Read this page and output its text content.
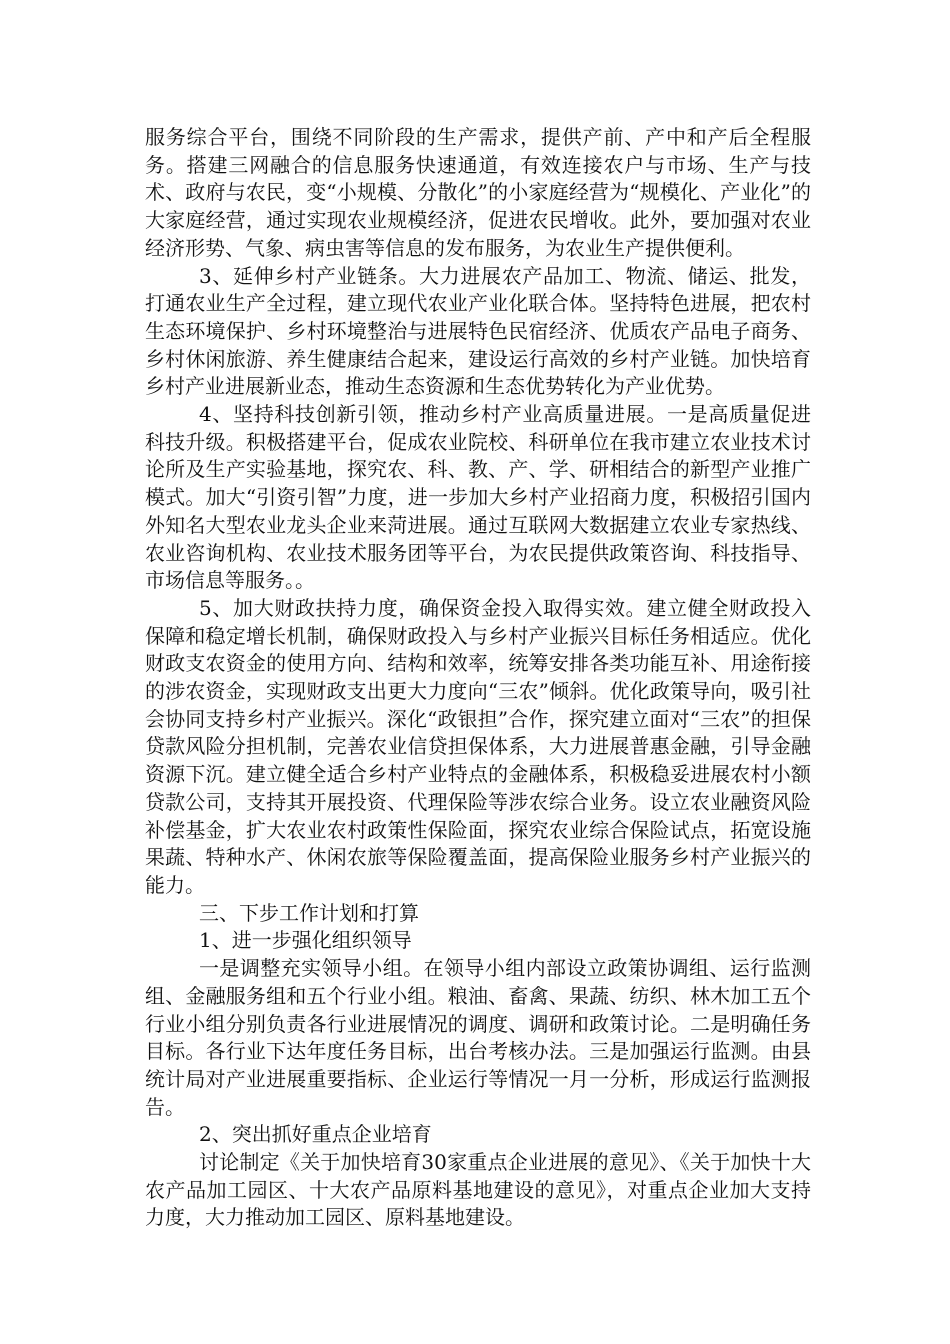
服务综合平台，围绕不同阶段的生产需求，提供产前、产中和产后全程服务。搭建三网融合的信息服务快速通道，有效连接农户与市场、生产与技术、政府与农民，变“小规模、分散化”的小家庭经营为“规模化、产业化”的大家庭经营，通过实现农业规模经济，促进农民增收。此外，要加强对农业经济形势、气象、病虫害等信息的发布服务，为农业生产提供便利。

3、延伸乡村产业链条。大力进展农产品加工、物流、储运、批发，打通农业生产全过程，建立现代农业产业化联合体。坚持特色进展，把农村生态环境保护、乡村环境整治与进展特色民宿经济、优质农产品电子商务、乡村休闲旅游、养生健康结合起来，建设运行高效的乡村产业链。加快培育乡村产业进展新业态，推动生态资源和生态优势转化为产业优势。

4、坚持科技创新引领，推动乡村产业高质量进展。一是高质量促进科技升级。积极搭建平台，促成农业院校、科研单位在我市建立农业技术讨论所及生产实验基地，探究农、科、教、产、学、研相结合的新型产业推广模式。加大“引资引智”力度，进一步加大乡村产业招商力度，积极招引国内外知名大型农业龙头企业来菏进展。通过互联网大数据建立农业专家热线、农业咨询机构、农业技术服务团等平台，为农民提供政策咨询、科技指导、市场信息等服务。。

5、加大财政扶持力度，确保资金投入取得实效。建立健全财政投入保障和稳定增长机制，确保财政投入与乡村产业振兴目标任务相适应。优化财政支农资金的使用方向、结构和效率，统筹安排各类功能互补、用途衔接的涉农资金，实现财政支出更大力度向“三农”倾斜。优化政策导向，吸引社会协同支持乡村产业振兴。深化“政银担”合作，探究建立面对“三农”的担保贷款风险分担机制，完善农业信贷担保体系，大力进展普惠金融，引导金融资源下沉。建立健全适合乡村产业特点的金融体系，积极稳妥进展农村小额贷款公司，支持其开展投资、代理保险等涉农综合业务。设立农业融资风险补偿基金，扩大农业农村政策性保险面，探究农业综合保险试点，拓宽设施果蔬、特种水产、休闲农旅等保险覆盖面，提高保险业服务乡村产业振兴的能力。

三、下步工作计划和打算

1、进一步强化组织领导

一是调整充实领导小组。在领导小组内部设立政策协调组、运行监测组、金融服务组和五个行业小组。粮油、畜禽、果蔬、纺织、林木加工五个行业小组分别负责各行业进展情况的调度、调研和政策讨论。二是明确任务目标。各行业下达年度任务目标，出台考核办法。三是加强运行监测。由县统计局对产业进展重要指标、企业运行等情况一月一分析，形成运行监测报告。

2、突出抓好重点企业培育

讨论制定《关于加快培育30家重点企业进展的意见》、《关于加快十大农产品加工园区、十大农产品原料基地建设的意见》，对重点企业加大支持力度，大力推动加工园区、原料基地建设。
